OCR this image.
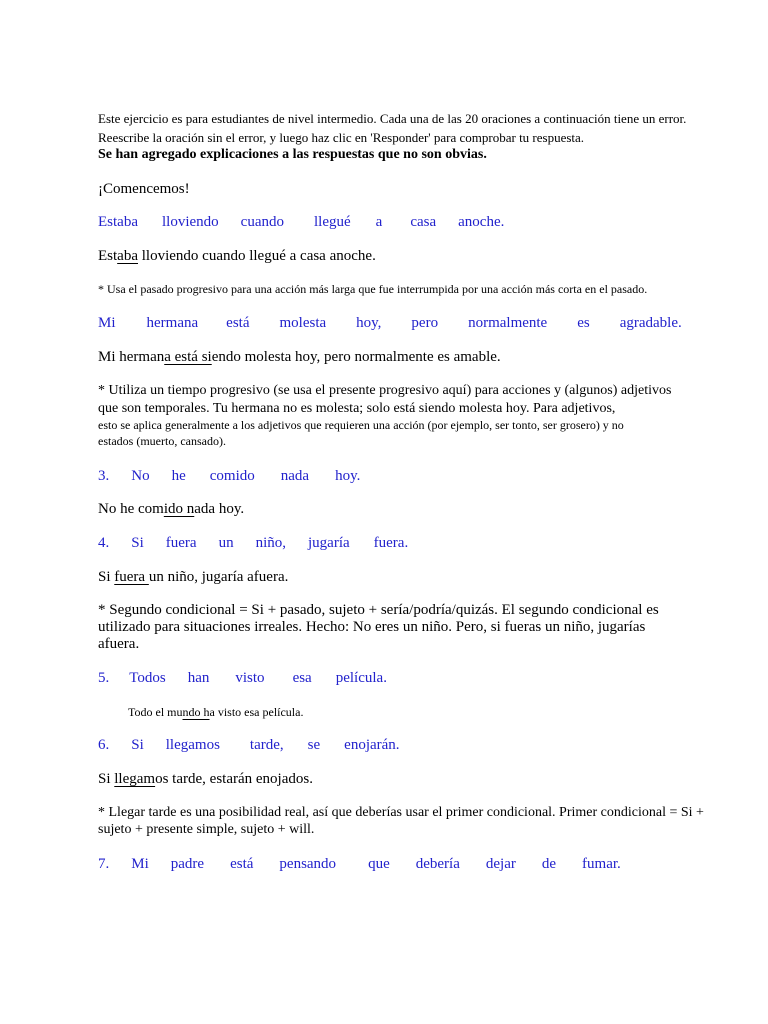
Este ejercicio es para estudiantes de nivel intermedio. Cada una de las 20 oraciones a continuación tiene un error.
Reescribe la oración sin el error, y luego haz clic en 'Responder' para comprobar tu respuesta.
Se han agregado explicaciones a las respuestas que no son obvias.
¡Comencemos!
Estaba lloviendo cuando llegué a casa anoche.
Estaba lloviendo cuando llegué a casa anoche.
* Usa el pasado progresivo para una acción más larga que fue interrumpida por una acción más corta en el pasado.
Mi hermana está molesta hoy, pero normalmente es agradable.
Mi hermana está siendo molesta hoy, pero normalmente es amable.
* Utiliza un tiempo progresivo (se usa el presente progresivo aquí) para acciones y (algunos) adjetivos
que son temporales. Tu hermana no es molesta; solo está siendo molesta hoy. Para adjetivos,
esto se aplica generalmente a los adjetivos que requieren una acción (por ejemplo, ser tonto, ser grosero) y no
estados (muerto, cansado).
3. No he comido nada hoy.
No he comido nada hoy.
4. Si fuera un niño, jugaría fuera.
Si fuera un niño, jugaría afuera.
* Segundo condicional = Si + pasado, sujeto + sería/podría/quizás. El segundo condicional es
utilizado para situaciones irreales. Hecho: No eres un niño. Pero, si fueras un niño, jugarías
afuera.
5. Todos han visto esa película.
Todo el mundo ha visto esa película.
6. Si llegamos tarde, se enojarán.
Si llegamos tarde, estarán enojados.
* Llegar tarde es una posibilidad real, así que deberías usar el primer condicional. Primer condicional = Si +
sujeto + presente simple, sujeto + will.
7. Mi padre está pensando que debería dejar de fumar.
